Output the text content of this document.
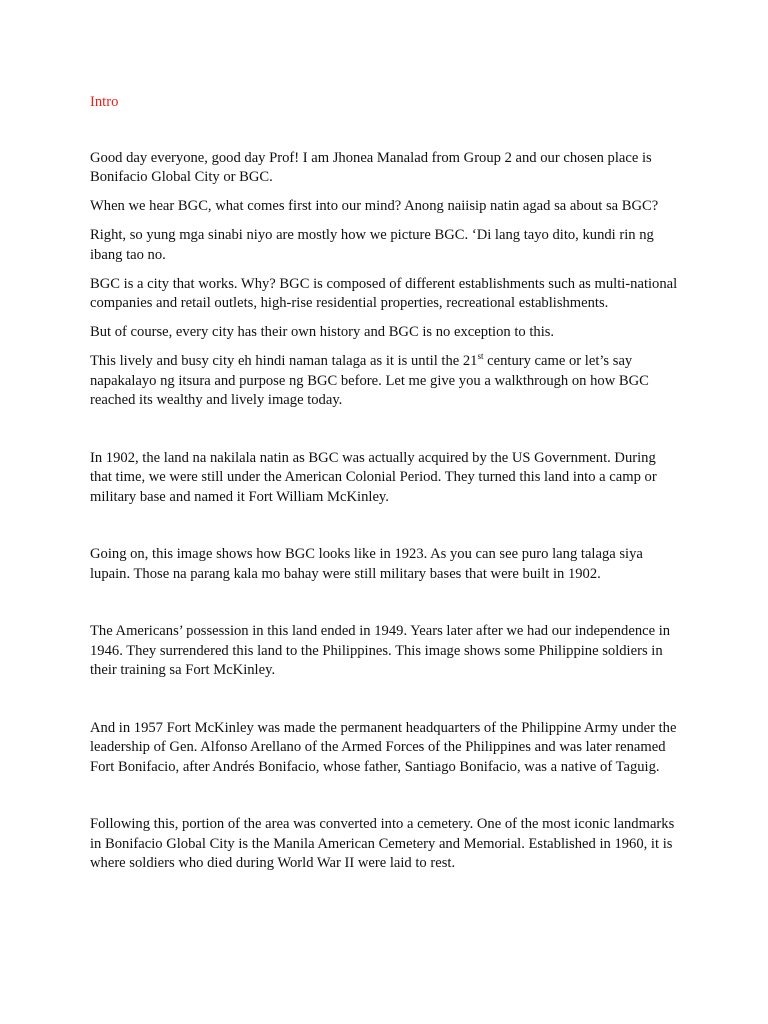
Intro

Good day everyone, good day Prof! I am Jhonea Manalad from Group 2 and our chosen place is Bonifacio Global City or BGC.

When we hear BGC, what comes first into our mind? Anong naiisip natin agad sa about sa BGC?

Right, so yung mga sinabi niyo are mostly how we picture BGC. ‘Di lang tayo dito, kundi rin ng ibang tao no.

BGC is a city that works. Why? BGC is composed of different establishments such as multi-national companies and retail outlets, high-rise residential properties, recreational establishments.

But of course, every city has their own history and BGC is no exception to this.

This lively and busy city eh hindi naman talaga as it is until the 21st century came or let’s say napakalayo ng itsura and purpose ng BGC before. Let me give you a walkthrough on how BGC reached its wealthy and lively image today.

In 1902, the land na nakilala natin as BGC was actually acquired by the US Government. During that time, we were still under the American Colonial Period. They turned this land into a camp or military base and named it Fort William McKinley.

Going on, this image shows how BGC looks like in 1923. As you can see puro lang talaga siya lupain. Those na parang kala mo bahay were still military bases that were built in 1902.

The Americans’ possession in this land ended in 1949. Years later after we had our independence in 1946. They surrendered this land to the Philippines. This image shows some Philippine soldiers in their training sa Fort McKinley.

And in 1957 Fort McKinley was made the permanent headquarters of the Philippine Army under the leadership of Gen. Alfonso Arellano of the Armed Forces of the Philippines and was later renamed Fort Bonifacio, after Andrés Bonifacio, whose father, Santiago Bonifacio, was a native of Taguig.

Following this, portion of the area was converted into a cemetery. One of the most iconic landmarks in Bonifacio Global City is the Manila American Cemetery and Memorial. Established in 1960, it is where soldiers who died during World War II were laid to rest.
